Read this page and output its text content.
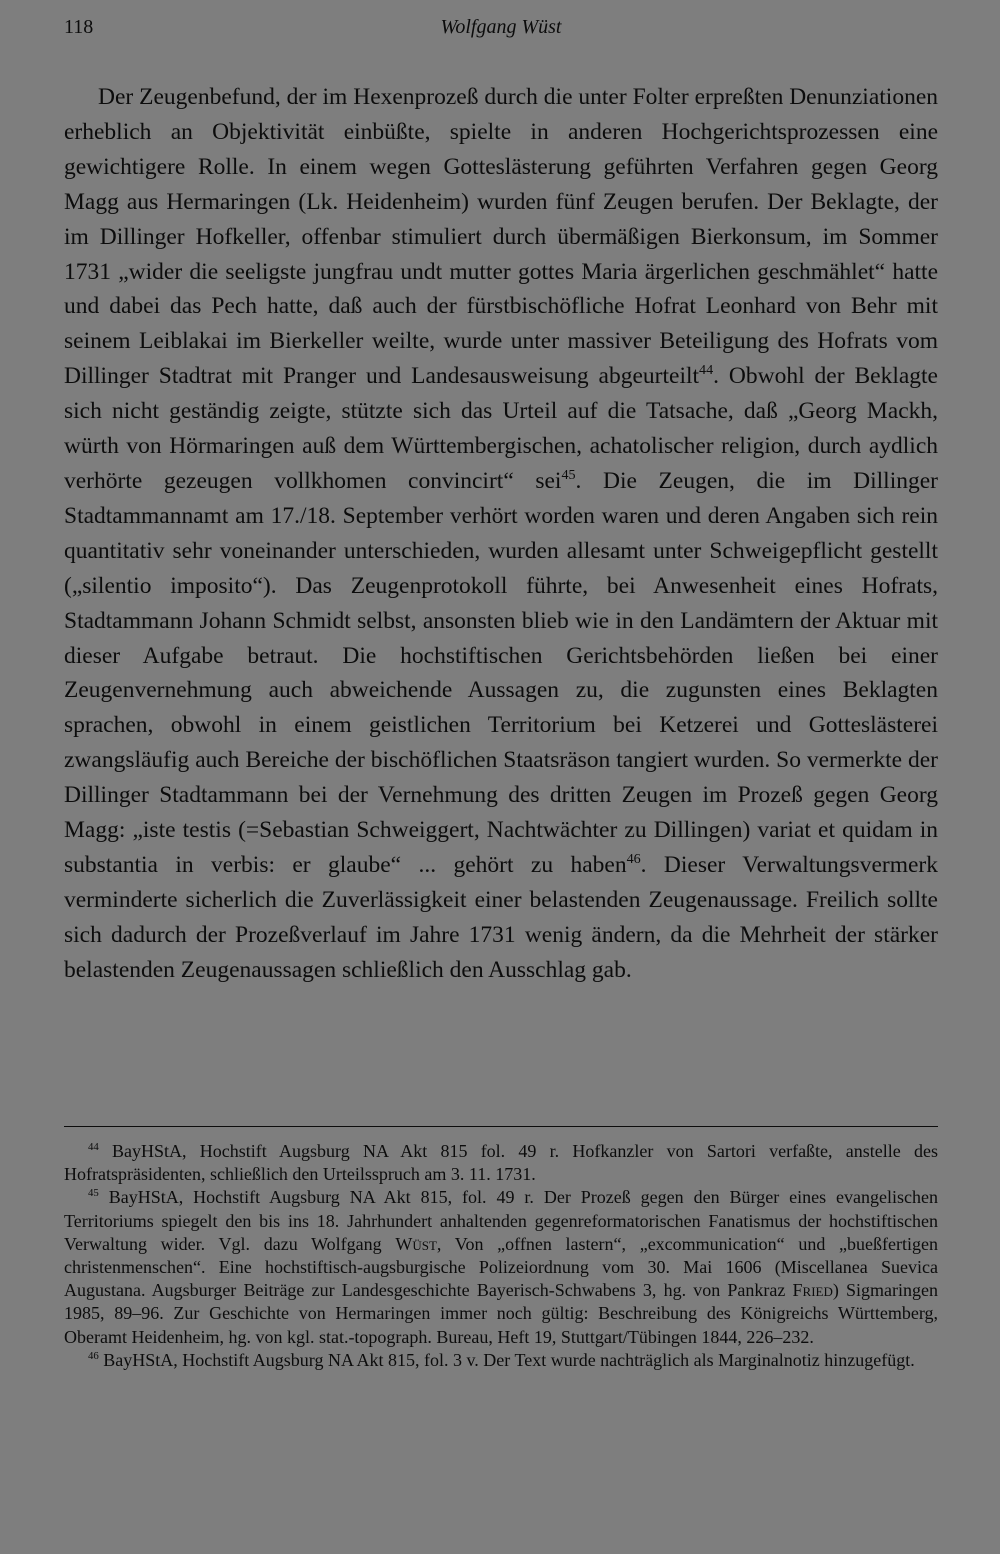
118	Wolfgang Wüst

Der Zeugenbefund, der im Hexenprozeß durch die unter Folter erpreßten Denunziationen erheblich an Objektivität einbüßte, spielte in anderen Hochgerichtsprozessen eine gewichtigere Rolle. In einem wegen Gotteslästerung geführten Verfahren gegen Georg Magg aus Hermaringen (Lk. Heidenheim) wurden fünf Zeugen berufen. Der Beklagte, der im Dillinger Hofkeller, offenbar stimuliert durch übermäßigen Bierkonsum, im Sommer 1731 „wider die seeligste jungfrau undt mutter gottes Maria ärgerlichen geschmählet“ hatte und dabei das Pech hatte, daß auch der fürstbischöfliche Hofrat Leonhard von Behr mit seinem Leiblakai im Bierkeller weilte, wurde unter massiver Beteiligung des Hofrats vom Dillinger Stadtrat mit Pranger und Landesausweisung abgeurteilt$^{44}$. Obwohl der Beklagte sich nicht geständig zeigte, stützte sich das Urteil auf die Tatsache, daß „Georg Mackh, würth von Hörmaringen auß dem Württembergischen, achatolischer religion, durch aydlich verhörte gezeugen vollkhomen convincirt“ sei$^{45}$. Die Zeugen, die im Dillinger Stadtammannamt am 17./18. September verhört worden waren und deren Angaben sich rein quantitativ sehr voneinander unterschieden, wurden allesamt unter Schweigepflicht gestellt („silentio imposito“). Das Zeugenprotokoll führte, bei Anwesenheit eines Hofrats, Stadtammann Johann Schmidt selbst, ansonsten blieb wie in den Landämtern der Aktuar mit dieser Aufgabe betraut. Die hochstiftischen Gerichtsbehörden ließen bei einer Zeugenvernehmung auch abweichende Aussagen zu, die zugunsten eines Beklagten sprachen, obwohl in einem geistlichen Territorium bei Ketzerei und Gotteslästerei zwangsläufig auch Bereiche der bischöflichen Staatsräson tangiert wurden. So vermerkte der Dillinger Stadtammann bei der Vernehmung des dritten Zeugen im Prozeß gegen Georg Magg: „iste testis (=Sebastian Schweiggert, Nachtwächter zu Dillingen) variat et quidam in substantia in verbis: er glaube“ ... gehört zu haben$^{46}$. Dieser Verwaltungsvermerk verminderte sicherlich die Zuverlässigkeit einer belastenden Zeugenaussage. Freilich sollte sich dadurch der Prozeßverlauf im Jahre 1731 wenig ändern, da die Mehrheit der stärker belastenden Zeugenaussagen schließlich den Ausschlag gab.

$^{44}$ BayHStA, Hochstift Augsburg NA Akt 815 fol. 49 r. Hofkanzler von Sartori verfaßte, anstelle des Hofratspräsidenten, schließlich den Urteilsspruch am 3. 11. 1731.

$^{45}$ BayHStA, Hochstift Augsburg NA Akt 815, fol. 49 r. Der Prozeß gegen den Bürger eines evangelischen Territoriums spiegelt den bis ins 18. Jahrhundert anhaltenden gegenreformatorischen Fanatismus der hochstiftischen Verwaltung wider. Vgl. dazu Wolfgang Wüst, Von „offnen lastern“, „excommunication“ und „bueßfertigen christenmenschen“. Eine hochstiftisch-augsburgische Polizeiordnung vom 30. Mai 1606 (Miscellanea Suevica Augustana. Augsburger Beiträge zur Landesgeschichte Bayerisch-Schwabens 3, hg. von Pankraz Fried) Sigmaringen 1985, 89–96. Zur Geschichte von Hermaringen immer noch gültig: Beschreibung des Königreichs Württemberg, Oberamt Heidenheim, hg. von kgl. stat.-topograph. Bureau, Heft 19, Stuttgart/Tübingen 1844, 226–232.

$^{46}$ BayHStA, Hochstift Augsburg NA Akt 815, fol. 3 v. Der Text wurde nachträglich als Marginalnotiz hinzugefügt.
